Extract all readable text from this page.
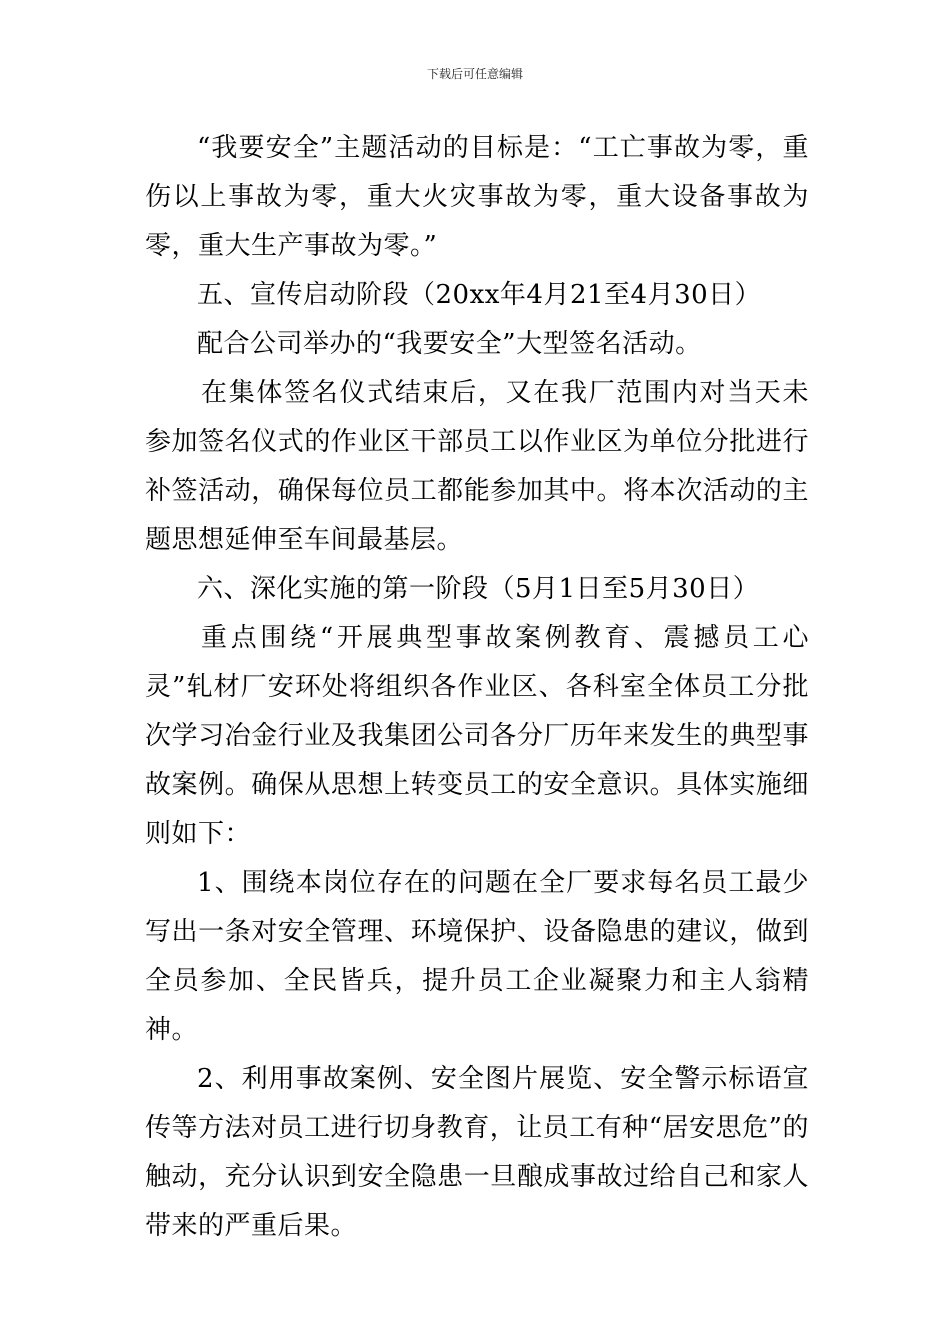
下载后可任意编辑

“我要安全”主题活动的目标是：“工亡事故为零，重伤以上事故为零，重大火灾事故为零，重大设备事故为零，重大生产事故为零。”

五、宣传启动阶段（20xx年4月21至4月30日）

配合公司举办的“我要安全”大型签名活动。

在集体签名仪式结束后，又在我厂范围内对当天未参加签名仪式的作业区干部员工以作业区为单位分批进行补签活动，确保每位员工都能参加其中。将本次活动的主题思想延伸至车间最基层。

六、深化实施的第一阶段（5月1日至5月30日）

重点围绕“开展典型事故案例教育、震撼员工心灵”轧材厂安环处将组织各作业区、各科室全体员工分批次学习冶金行业及我集团公司各分厂历年来发生的典型事故案例。确保从思想上转变员工的安全意识。具体实施细则如下：

1、围绕本岗位存在的问题在全厂要求每名员工最少写出一条对安全管理、环境保护、设备隐患的建议，做到全员参加、全民皆兵，提升员工企业凝聚力和主人翁精神。

2、利用事故案例、安全图片展览、安全警示标语宣传等方法对员工进行切身教育，让员工有种“居安思危”的触动，充分认识到安全隐患一旦酿成事故过给自己和家人带来的严重后果。
